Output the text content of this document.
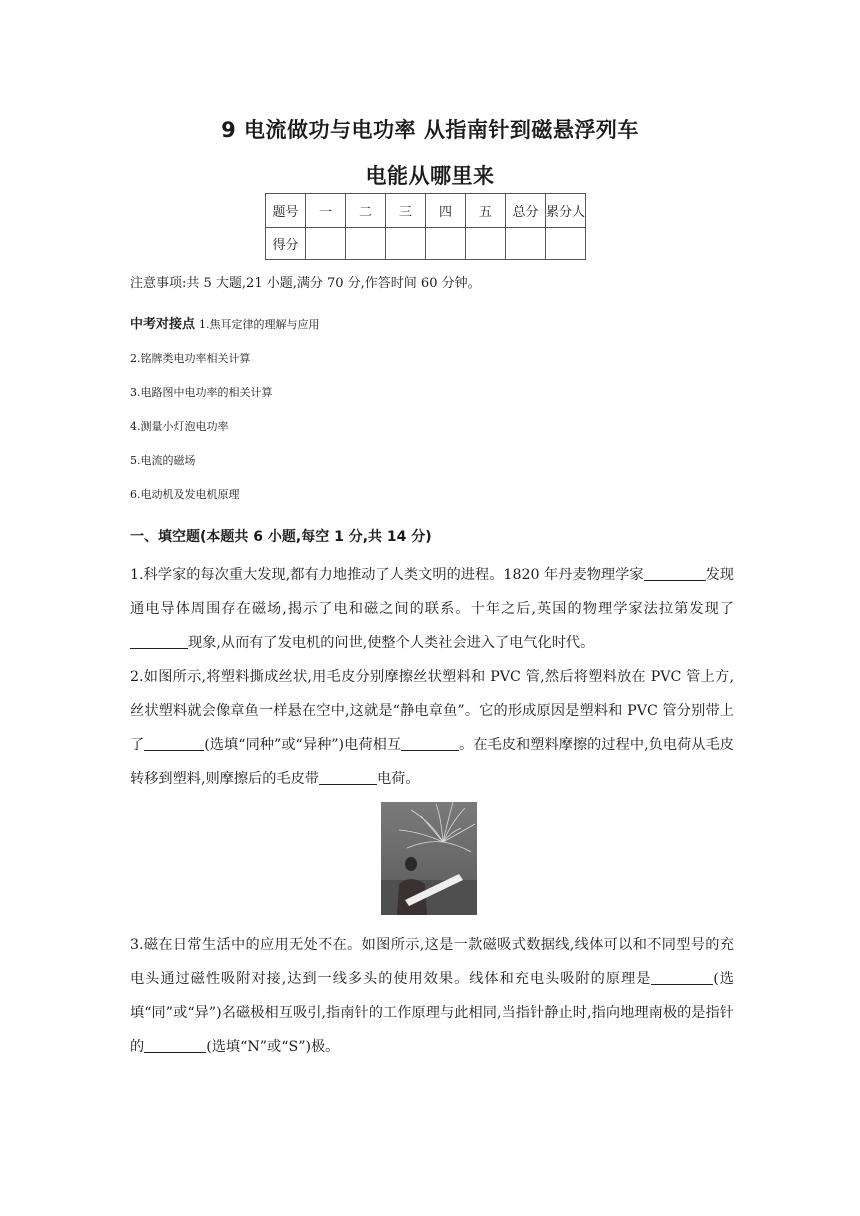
9 电流做功与电功率 从指南针到磁悬浮列车
电能从哪里来
题号	一	二	三	四	五	总分	累分人
得分							
注意事项:共 5 大题,21 小题,满分 70 分,作答时间 60 分钟。
中考对接点 1.焦耳定律的理解与应用
2.铭牌类电功率相关计算
3.电路图中电功率的相关计算
4.测量小灯泡电功率
5.电流的磁场
6.电动机及发电机原理
一、填空题(本题共 6 小题,每空 1 分,共 14 分)
1.科学家的每次重大发现,都有力地推动了人类文明的进程。1820 年丹麦物理学家	发现通电导体周围存在磁场,揭示了电和磁之间的联系。十年之后,英国的物理学家法拉第发现了现象,从而有了发电机的问世,使整个人类社会进入了电气化时代。
2.如图所示,将塑料撕成丝状,用毛皮分别摩擦丝状塑料和 PVC 管,然后将塑料放在 PVC 管上方,丝状塑料就会像章鱼一样悬在空中,这就是“静电章鱼”。它的形成原因是塑料和 PVC 管分别带上了	(选填“同种”或“异种”)电荷相互	。在毛皮和塑料摩擦的过程中,负电荷从毛皮转移到塑料,则摩擦后的毛皮带	电荷。
3.磁在日常生活中的应用无处不在。如图所示,这是一款磁吸式数据线,线体可以和不同型号的充电头通过磁性吸附对接,达到一线多头的使用效果。线体和充电头吸附的原理是	(选填“同”或“异”)名磁极相互吸引,指南针的工作原理与此相同,当指针静止时,指向地理南极的是指针的	(选填“N”或“S”)极。
